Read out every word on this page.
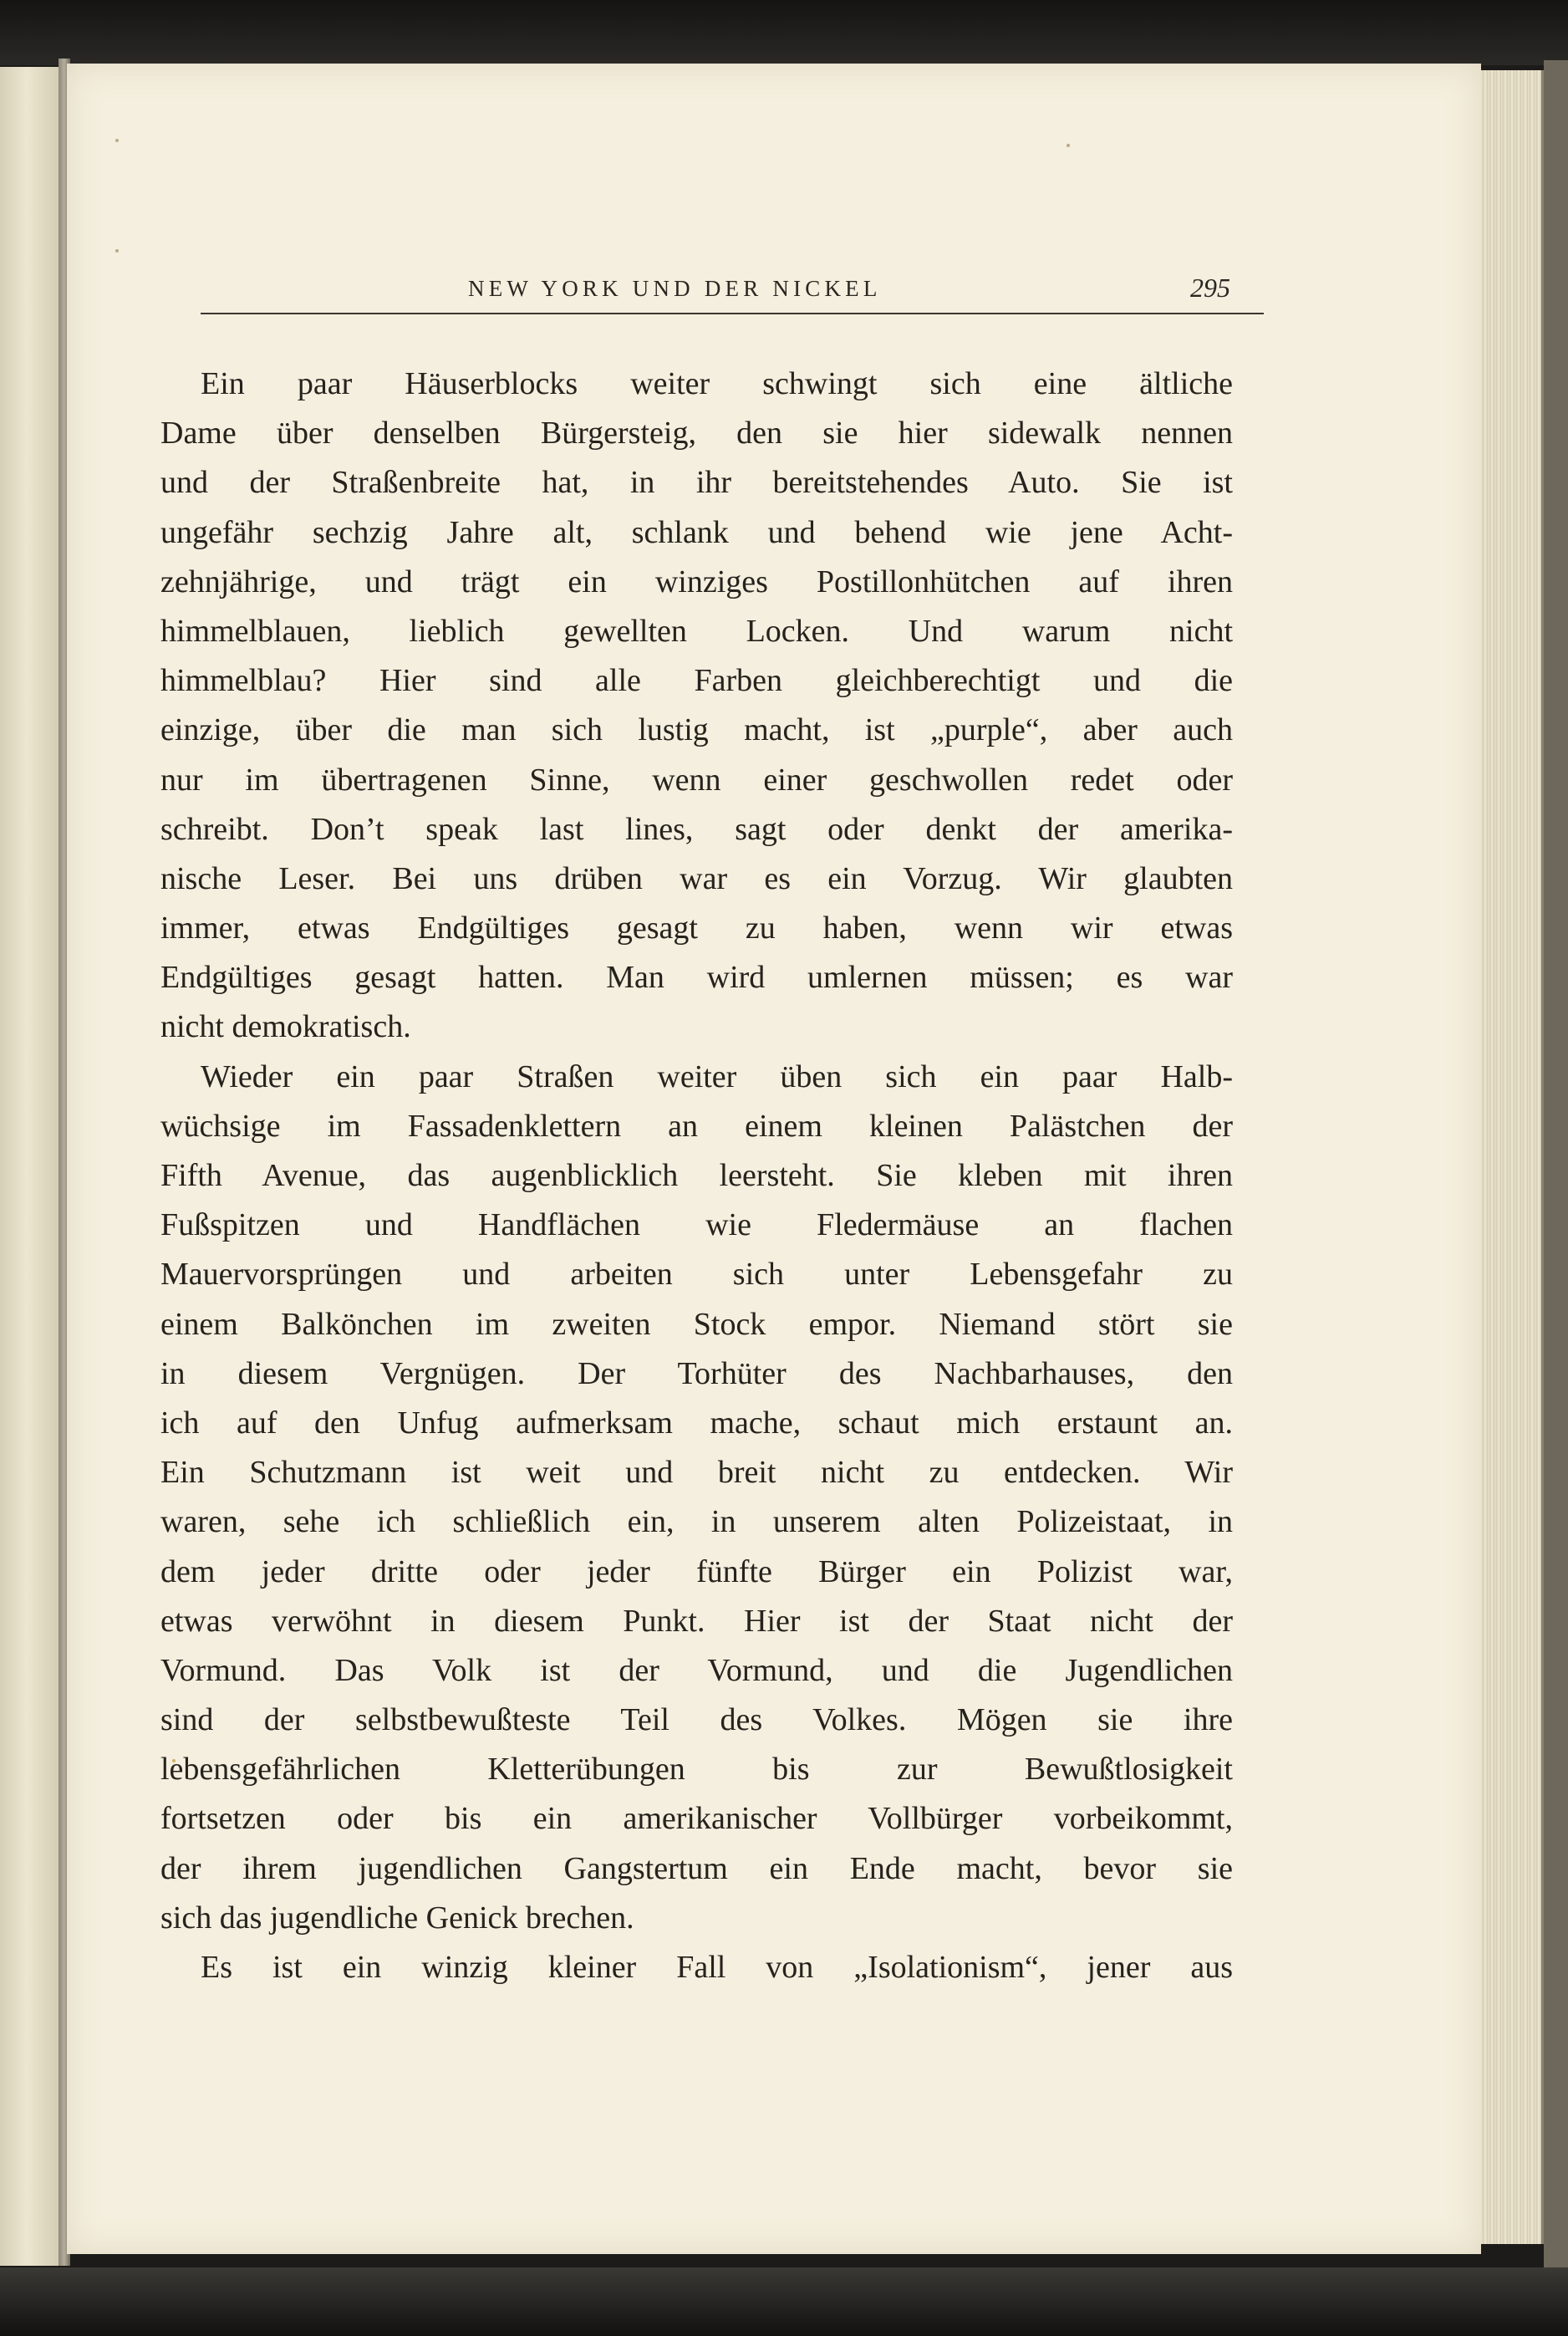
NEW YORK UND DER NICKEL	295
Ein paar Häuserblocks weiter schwingt sich eine ältliche
Dame über denselben Bürgersteig, den sie hier sidewalk nennen
und der Straßenbreite hat, in ihr bereitstehendes Auto. Sie ist
ungefähr sechzig Jahre alt, schlank und behend wie jene Acht-
zehnjährige, und trägt ein winziges Postillonhütchen auf ihren
himmelblauen, lieblich gewellten Locken. Und warum nicht
himmelblau? Hier sind alle Farben gleichberechtigt und die
einzige, über die man sich lustig macht, ist „purple“, aber auch
nur im übertragenen Sinne, wenn einer geschwollen redet oder
schreibt. Don’t speak last lines, sagt oder denkt der amerika-
nische Leser. Bei uns drüben war es ein Vorzug. Wir glaubten
immer, etwas Endgültiges gesagt zu haben, wenn wir etwas
Endgültiges gesagt hatten. Man wird umlernen müssen; es war
nicht demokratisch.
Wieder ein paar Straßen weiter üben sich ein paar Halb-
wüchsige im Fassadenklettern an einem kleinen Palästchen der
Fifth Avenue, das augenblicklich leersteht. Sie kleben mit ihren
Fußspitzen und Handflächen wie Fledermäuse an flachen
Mauervorsprüngen und arbeiten sich unter Lebensgefahr zu
einem Balkönchen im zweiten Stock empor. Niemand stört sie
in diesem Vergnügen. Der Torhüter des Nachbarhauses, den
ich auf den Unfug aufmerksam mache, schaut mich erstaunt an.
Ein Schutzmann ist weit und breit nicht zu entdecken. Wir
waren, sehe ich schließlich ein, in unserem alten Polizeistaat, in
dem jeder dritte oder jeder fünfte Bürger ein Polizist war,
etwas verwöhnt in diesem Punkt. Hier ist der Staat nicht der
Vormund. Das Volk ist der Vormund, und die Jugendlichen
sind der selbstbewußteste Teil des Volkes. Mögen sie ihre
lebensgefährlichen Kletterübungen bis zur Bewußtlosigkeit
fortsetzen oder bis ein amerikanischer Vollbürger vorbeikommt,
der ihrem jugendlichen Gangstertum ein Ende macht, bevor sie
sich das jugendliche Genick brechen.
Es ist ein winzig kleiner Fall von „Isolationism“, jener aus
